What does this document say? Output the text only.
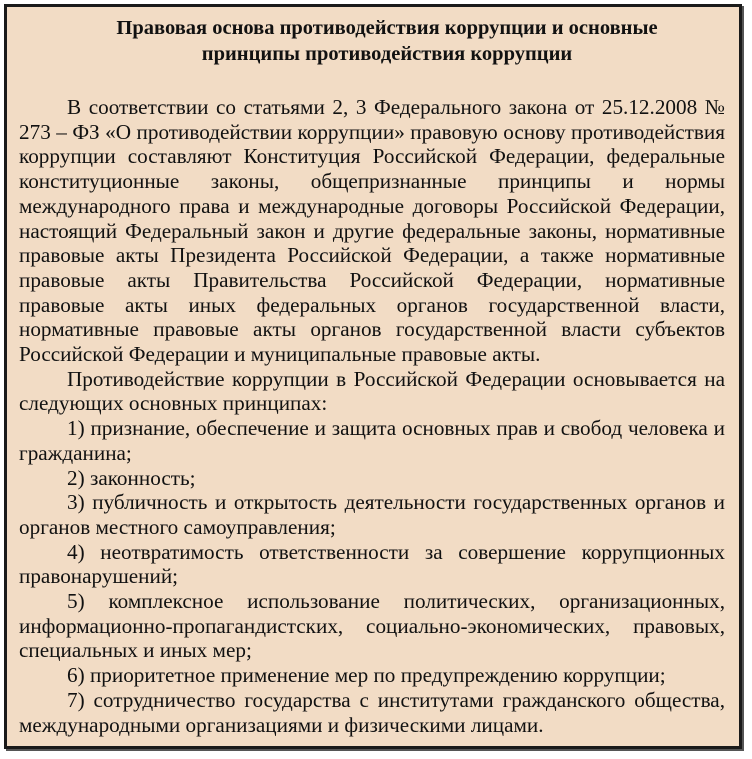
Правовая основа противодействия коррупции и основные
принципы противодействия коррупции

В соответствии со статьями 2, 3 Федерального закона от 25.12.2008 № 273 – ФЗ «О противодействии коррупции» правовую основу противодействия коррупции составляют Конституция Российской Федерации, федеральные конституционные законы, общепризнанные принципы и нормы международного права и международные договоры Российской Федерации, настоящий Федеральный закон и другие федеральные законы, нормативные правовые акты Президента Российской Федерации, а также нормативные правовые акты Правительства Российской Федерации, нормативные правовые акты иных федеральных органов государственной власти, нормативные правовые акты органов государственной власти субъектов Российской Федерации и муниципальные правовые акты.

Противодействие коррупции в Российской Федерации основывается на следующих основных принципах:

1) признание, обеспечение и защита основных прав и свобод человека и гражданина;

2) законность;

3) публичность и открытость деятельности государственных органов и органов местного самоуправления;

4) неотвратимость ответственности за совершение коррупционных правонарушений;

5) комплексное использование политических, организационных, информационно-пропагандистских, социально-экономических, правовых, специальных и иных мер;

6) приоритетное применение мер по предупреждению коррупции;

7) сотрудничество государства с институтами гражданского общества, международными организациями и физическими лицами.
